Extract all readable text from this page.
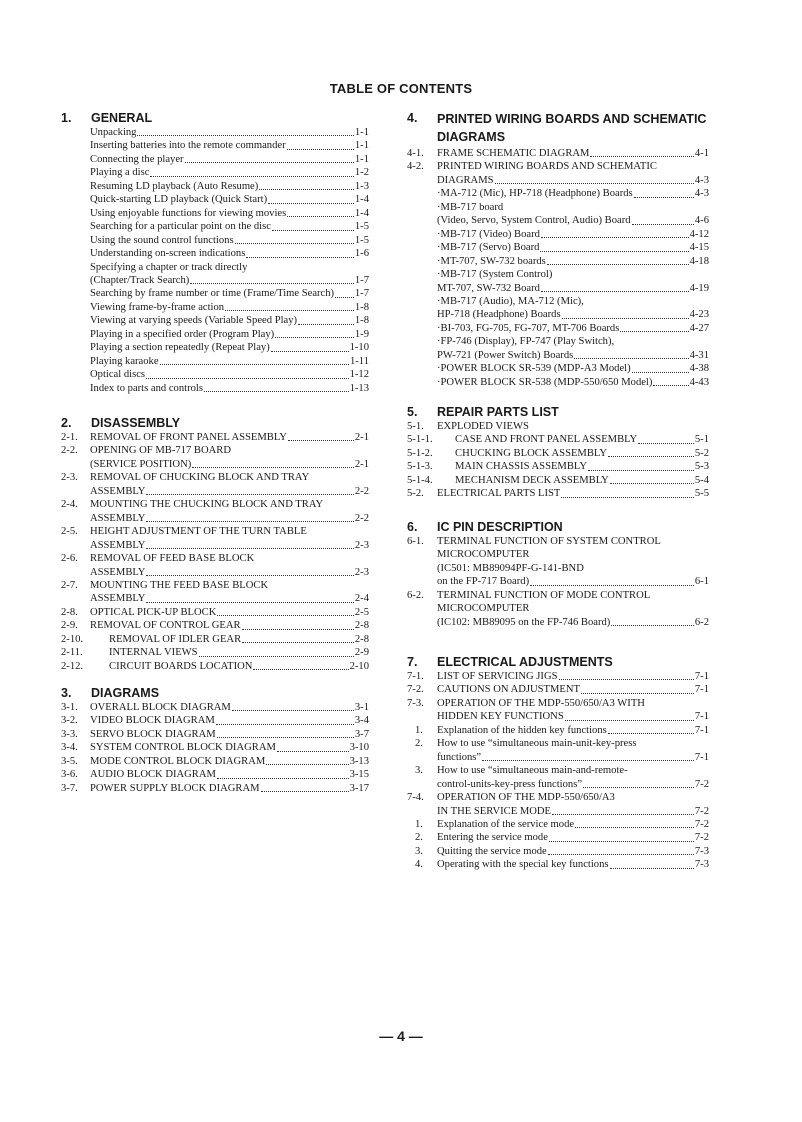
TABLE OF CONTENTS
1.	GENERAL
Unpacking	1-1
Inserting batteries into the remote commander	1-1
Connecting the player	1-1
Playing a disc	1-2
Resuming LD playback (Auto Resume)	1-3
Quick-starting LD playback (Quick Start)	1-4
Using enjoyable functions for viewing movies	1-4
Searching for a particular point on the disc	1-5
Using the sound control functions	1-5
Understanding on-screen indications	1-6
Specifying a chapter or track directly
(Chapter/Track Search)	1-7
Searching by frame number or time (Frame/Time Search) 1-7
Viewing frame-by-frame action	1-8
Viewing at varying speeds (Variable Speed Play)	1-8
Playing in a specified order (Program Play)	1-9
Playing a section repeatedly (Repeat Play)	1-10
Playing karaoke	1-11
Optical discs	1-12
Index to parts and controls	1-13
2.	DISASSEMBLY
2-1.	REMOVAL OF FRONT PANEL ASSEMBLY	2-1
2-2.	OPENING OF MB-717 BOARD
(SERVICE POSITION)	2-1
2-3.	REMOVAL OF CHUCKING BLOCK AND TRAY
ASSEMBLY	2-2
2-4.	MOUNTING THE CHUCKING BLOCK AND TRAY
ASSEMBLY	2-2
2-5.	HEIGHT ADJUSTMENT OF THE TURN TABLE
ASSEMBLY	2-3
2-6.	REMOVAL OF FEED BASE BLOCK
ASSEMBLY	2-3
2-7.	MOUNTING THE FEED BASE BLOCK
ASSEMBLY	2-4
2-8.	OPTICAL PICK-UP BLOCK	2-5
2-9.	REMOVAL OF CONTROL GEAR	2-8
2-10.	REMOVAL OF IDLER GEAR	2-8
2-11.	INTERNAL VIEWS	2-9
2-12.	CIRCUIT BOARDS LOCATION	2-10
3.	DIAGRAMS
3-1.	OVERALL BLOCK DIAGRAM	3-1
3-2.	VIDEO BLOCK DIAGRAM	3-4
3-3.	SERVO BLOCK DIAGRAM	3-7
3-4.	SYSTEM CONTROL BLOCK DIAGRAM	3-10
3-5.	MODE CONTROL BLOCK DIAGRAM	3-13
3-6.	AUDIO BLOCK DIAGRAM	3-15
3-7.	POWER SUPPLY BLOCK DIAGRAM	3-17
4.	PRINTED WIRING BOARDS AND SCHEMATIC DIAGRAMS
4-1.	FRAME SCHEMATIC DIAGRAM	4-1
4-2.	PRINTED WIRING BOARDS AND SCHEMATIC
DIAGRAMS	4-3
·MA-712 (Mic), HP-718 (Headphone) Boards	4-3
·MB-717 board
(Video, Servo, System Control, Audio) Board	4-6
·MB-717 (Video) Board	4-12
·MB-717 (Servo) Board	4-15
·MT-707, SW-732 boards	4-18
·MB-717 (System Control)
MT-707, SW-732 Board	4-19
·MB-717 (Audio), MA-712 (Mic),
HP-718 (Headphone) Boards	4-23
·BI-703, FG-705, FG-707, MT-706 Boards	4-27
·FP-746 (Display), FP-747 (Play Switch),
PW-721 (Power Switch) Boards	4-31
·POWER BLOCK SR-539 (MDP-A3 Model)	4-38
·POWER BLOCK SR-538 (MDP-550/650 Model)	4-43
5.	REPAIR PARTS LIST
5-1.	EXPLODED VIEWS
5-1-1.	CASE AND FRONT PANEL ASSEMBLY	5-1
5-1-2.	CHUCKING BLOCK ASSEMBLY	5-2
5-1-3.	MAIN CHASSIS ASSEMBLY	5-3
5-1-4.	MECHANISM DECK ASSEMBLY	5-4
5-2.	ELECTRICAL PARTS LIST	5-5
6.	IC PIN DESCRIPTION
6-1.	TERMINAL FUNCTION OF SYSTEM CONTROL
MICROCOMPUTER
(IC501: MB89094PF-G-141-BND
on the FP-717 Board)	6-1
6-2.	TERMINAL FUNCTION OF MODE CONTROL
MICROCOMPUTER
(IC102: MB89095 on the FP-746 Board)	6-2
7.	ELECTRICAL ADJUSTMENTS
7-1.	LIST OF SERVICING JIGS	7-1
7-2.	CAUTIONS ON ADJUSTMENT	7-1
7-3.	OPERATION OF THE MDP-550/650/A3 WITH
HIDDEN KEY FUNCTIONS	7-1
1.	Explanation of the hidden key functions	7-1
2.	How to use “simultaneous main-unit-key-press
functions”	7-1
3.	How to use “simultaneous main-and-remote-
control-units-key-press functions”	7-2
7-4.	OPERATION OF THE MDP-550/650/A3
IN THE SERVICE MODE	7-2
1.	Explanation of the service mode	7-2
2.	Entering the service mode	7-2
3.	Quitting the service mode	7-3
4.	Operating with the special key functions	7-3
— 4 —
